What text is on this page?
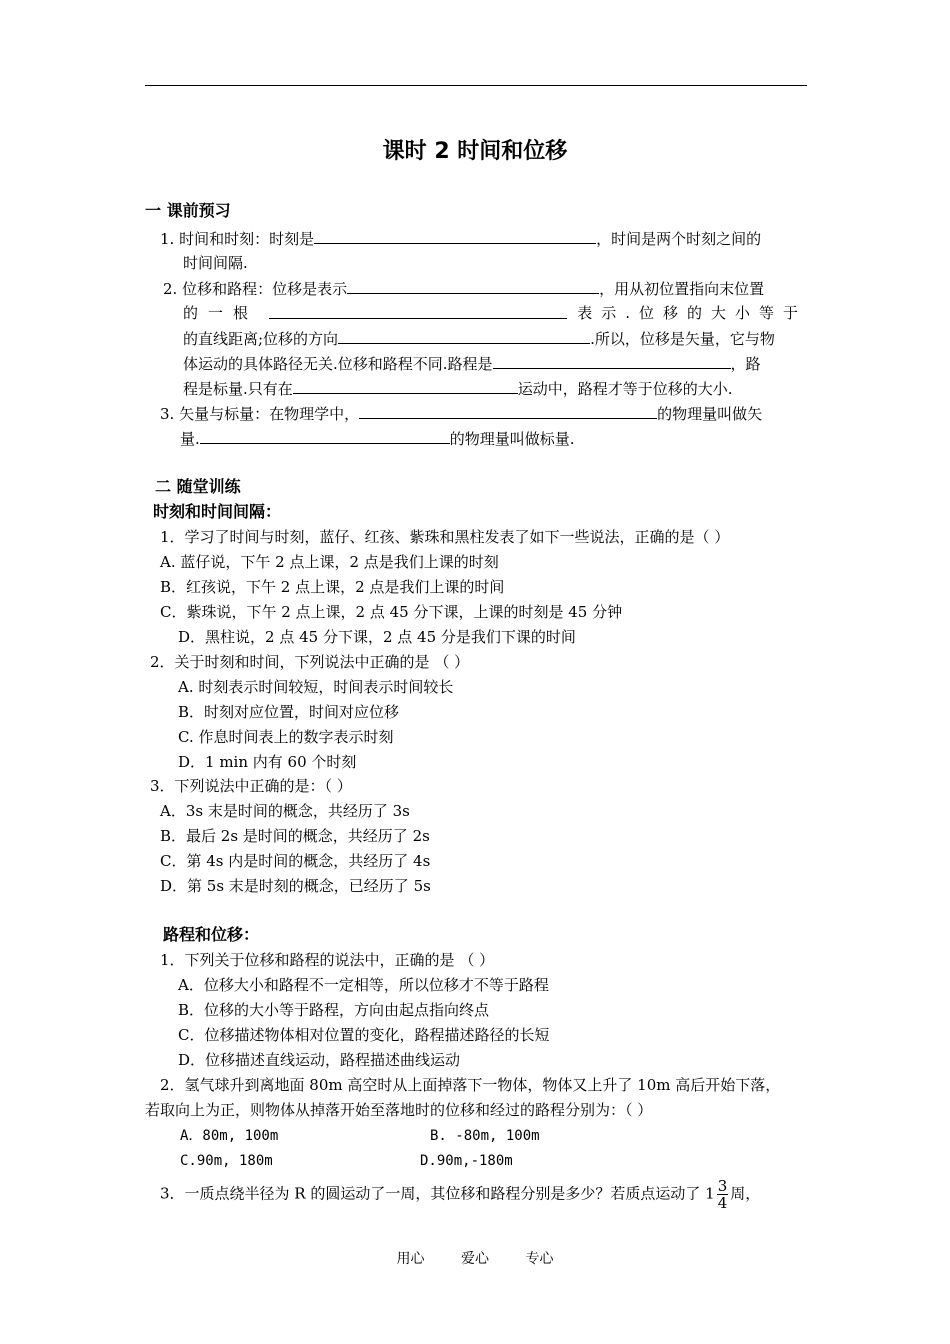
课时 2 时间和位移
一 课前预习
1. 时间和时刻：时刻是	，时间是两个时刻之间的
时间间隔.
2. 位移和路程：位移是表示	，用从初位置指向末位置
的一根	表示.位移的大小等于
的直线距离;位移的方向	.所以，位移是矢量，它与物
体运动的具体路径无关.位移和路程不同.路程是	，路
程是标量.只有在	运动中，路程才等于位移的大小.
3. 矢量与标量：在物理学中，	的物理量叫做矢
量.	的物理量叫做标量.
二 随堂训练
时刻和时间间隔：
1．学习了时间与时刻，蓝仔、红孩、紫珠和黑柱发表了如下一些说法，正确的是（ ）
A. 蓝仔说，下午 2 点上课，2 点是我们上课的时刻
B．红孩说，下午 2 点上课，2 点是我们上课的时间
C．紫珠说，下午 2 点上课，2 点 45 分下课，上课的时刻是 45 分钟
D．黑柱说，2 点 45 分下课，2 点 45 分是我们下课的时间
2．关于时刻和时间，下列说法中正确的是 （ ）
A. 时刻表示时间较短，时间表示时间较长
B．时刻对应位置，时间对应位移
C. 作息时间表上的数字表示时刻
D．1 min 内有 60 个时刻
3．下列说法中正确的是：（ ）
A．3s 末是时间的概念，共经历了 3s
B．最后 2s 是时间的概念，共经历了 2s
C．第 4s 内是时间的概念，共经历了 4s
D．第 5s 末是时刻的概念，已经历了 5s
路程和位移：
1．下列关于位移和路程的说法中，正确的是 （ ）
A．位移大小和路程不一定相等，所以位移才不等于路程
B．位移的大小等于路程，方向由起点指向终点
C．位移描述物体相对位置的变化，路程描述路径的长短
D．位移描述直线运动，路程描述曲线运动
2．氢气球升到离地面 80m 高空时从上面掉落下一物体，物体又上升了 10m 高后开始下落，
若取向上为正，则物体从掉落开始至落地时的位移和经过的路程分别为：（ ）
A．80m, 100m	B. -80m, 100m
C.90m, 180m	D.90m,-180m
3．一质点绕半径为 R 的圆运动了一周，其位移和路程分别是多少？若质点运动了 $1 \frac{3}{4}$ 周，
用心	爱心	专心
